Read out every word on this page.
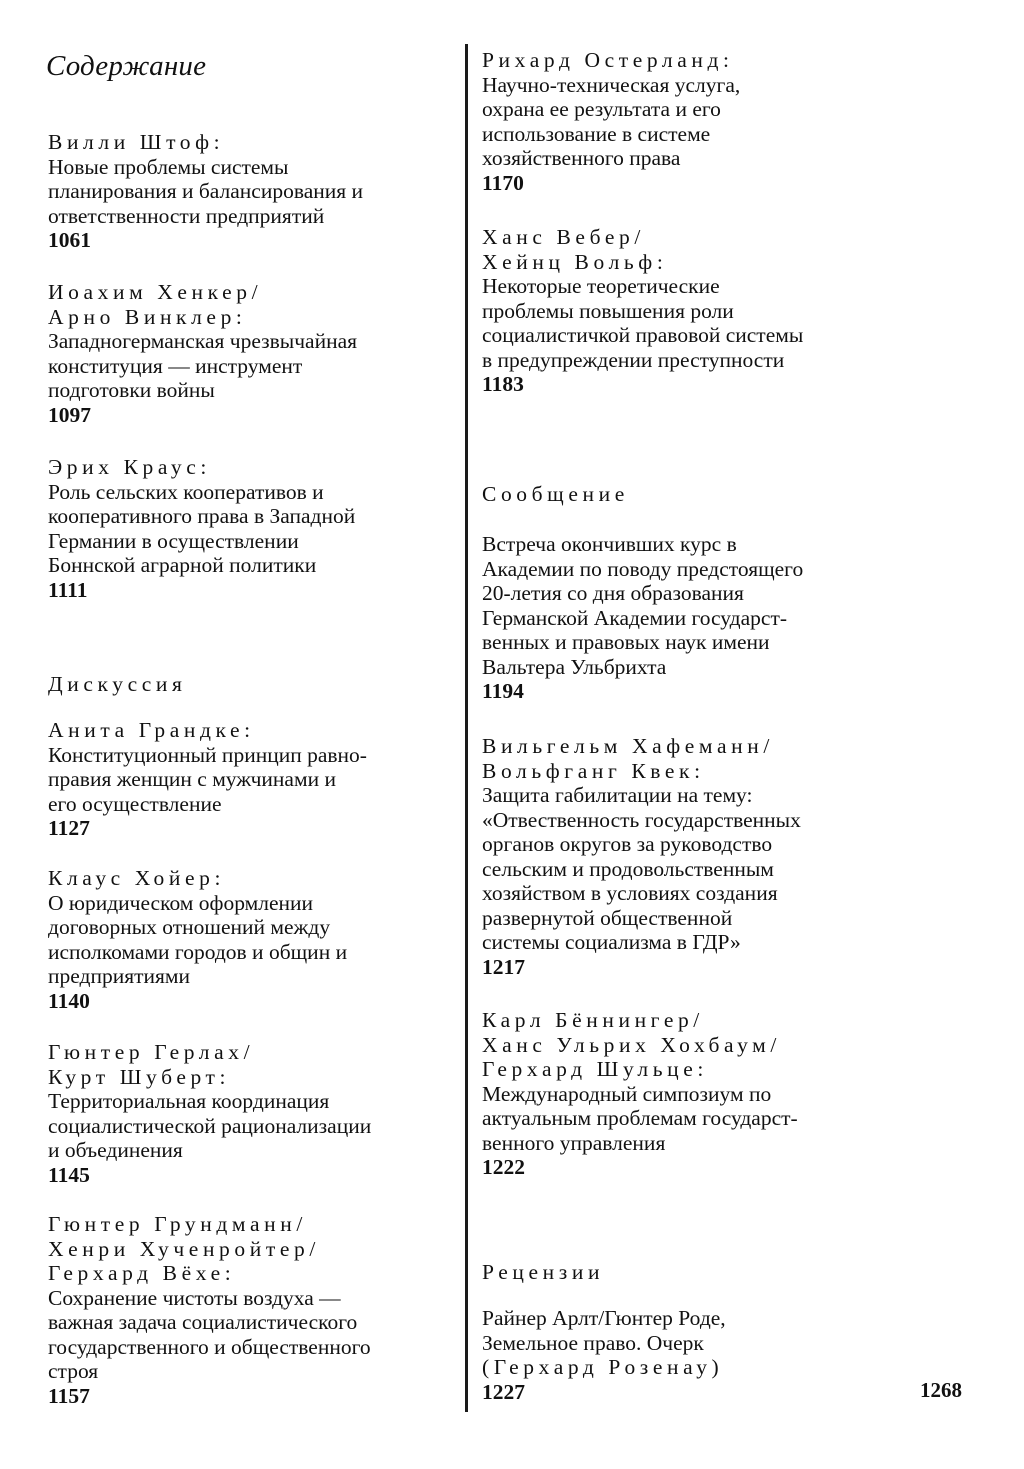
Содержание
Вилли Штоф:
Новые проблемы системы
планирования и балансирования и
ответственности предприятий
1061
Иоахим Хенкер/
Арно Винклер:
Западногерманская чрезвычайная
конституция — инструмент
подготовки войны
1097
Эрих Краус:
Роль сельских кооперативов и
кооперативного права в Западной
Германии в осуществлении
Боннской аграрной политики
1111
Дискуссия
Анита Грандке:
Конституционный принцип равно-
правия женщин с мужчинами и
его осуществление
1127
Клаус Хойер:
О юридическом оформлении
договорных отношений между
исполкомами городов и общин и
предприятиями
1140
Гюнтер Герлах/
Курт Шуберт:
Территориальная координация
социалистической рационализации
и объединения
1145
Гюнтер Грундманн/
Хенри Хученройтер/
Герхард Вёхе:
Сохранение чистоты воздуха —
важная задача социалистического
государственного и общественного
строя
1157
Рихард Остерланд:
Научно-техническая услуга,
охрана ее результата и его
использование в системе
хозяйственного права
1170
Ханс Вебер/
Хейнц Вольф:
Некоторые теоретические
проблемы повышения роли
социалистичкой правовой системы
в предупреждении преступности
1183
Сообщение
Встреча окончивших курс в
Академии по поводу предстоящего
20-летия со дня образования
Германской Академии государст-
венных и правовых наук имени
Вальтера Ульбрихта
1194
Вильгельм Хафеманн/
Вольфганг Квек:
Защита габилитации на тему:
«Отвественность государственных
органов округов за руководство
сельским и продовольственным
хозяйством в условиях создания
развернутой общественной
системы социализма в ГДР»
1217
Карл Бённингер/
Ханс Ульрих Хохбаум/
Герхард Шульце:
Международный симпозиум по
актуальным проблемам государст-
венного управления
1222
Рецензии
Райнер Арлт/Гюнтер Роде,
Земельное право. Очерк
(Герхард Розенау)
1227	1268
